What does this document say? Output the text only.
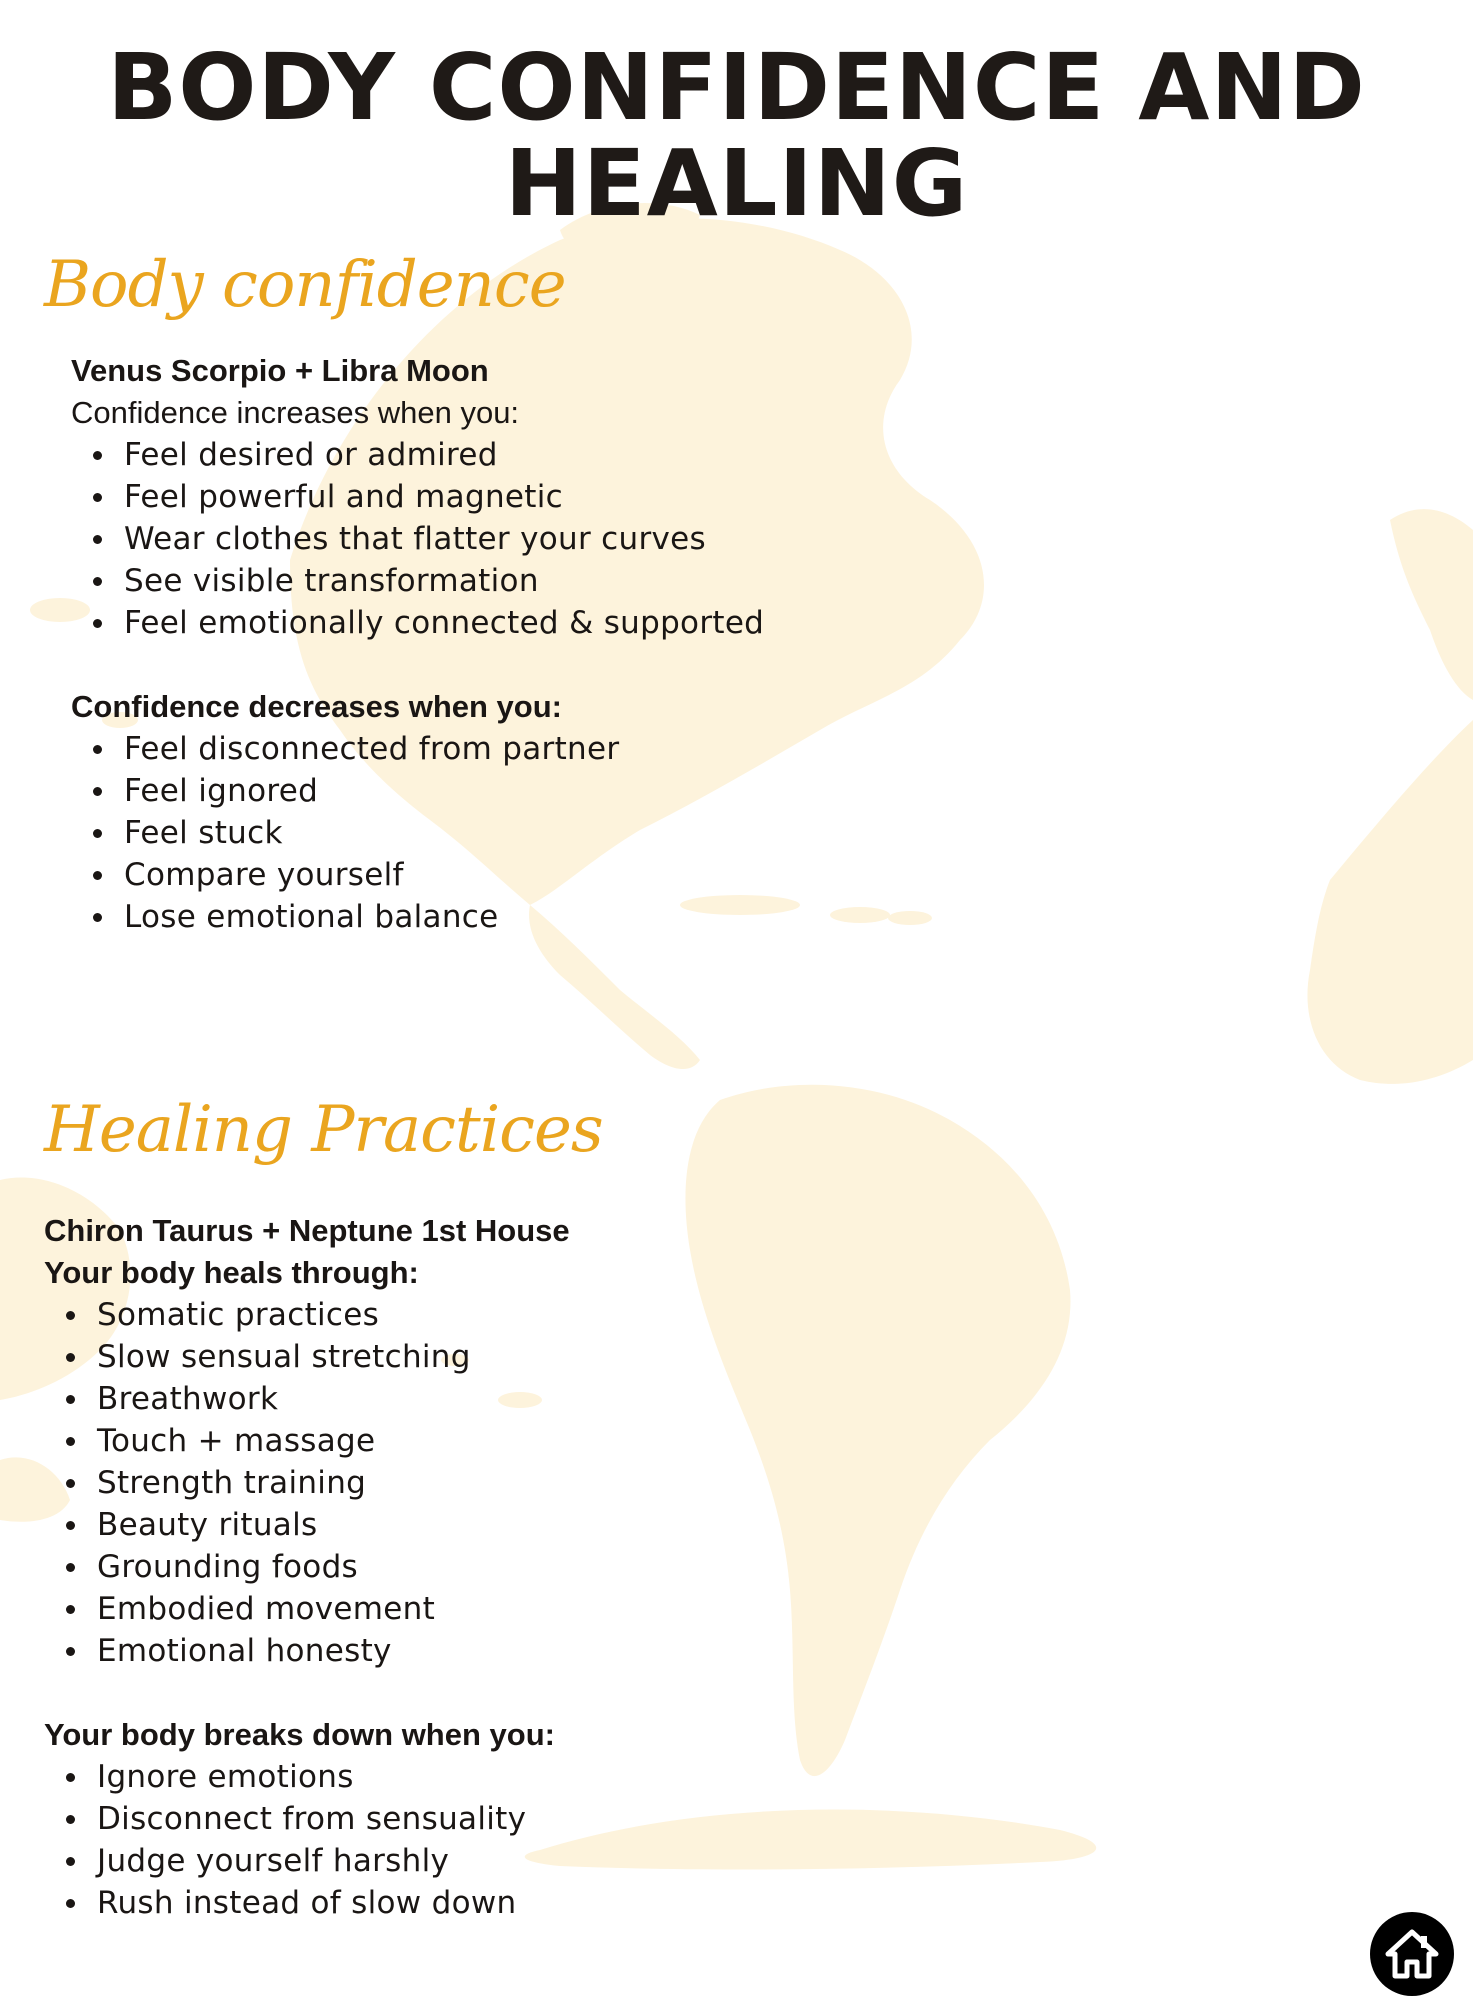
BODY CONFIDENCE AND
HEALING
Body confidence

Venus Scorpio + Libra Moon

Confidence increases when you:

Feel desired or admired
Feel powerful and magnetic
Wear clothes that flatter your curves
See visible transformation
Feel emotionally connected & supported

Confidence decreases when you:

Feel disconnected from partner
Feel ignored
Feel stuck
Compare yourself
Lose emotional balance
Healing Practices

Chiron Taurus + Neptune 1st House

Your body heals through:

Somatic practices
Slow sensual stretching
Breathwork
Touch + massage
Strength training
Beauty rituals
Grounding foods
Embodied movement
Emotional honesty

Your body breaks down when you:

Ignore emotions
Disconnect from sensuality
Judge yourself harshly
Rush instead of slow down
